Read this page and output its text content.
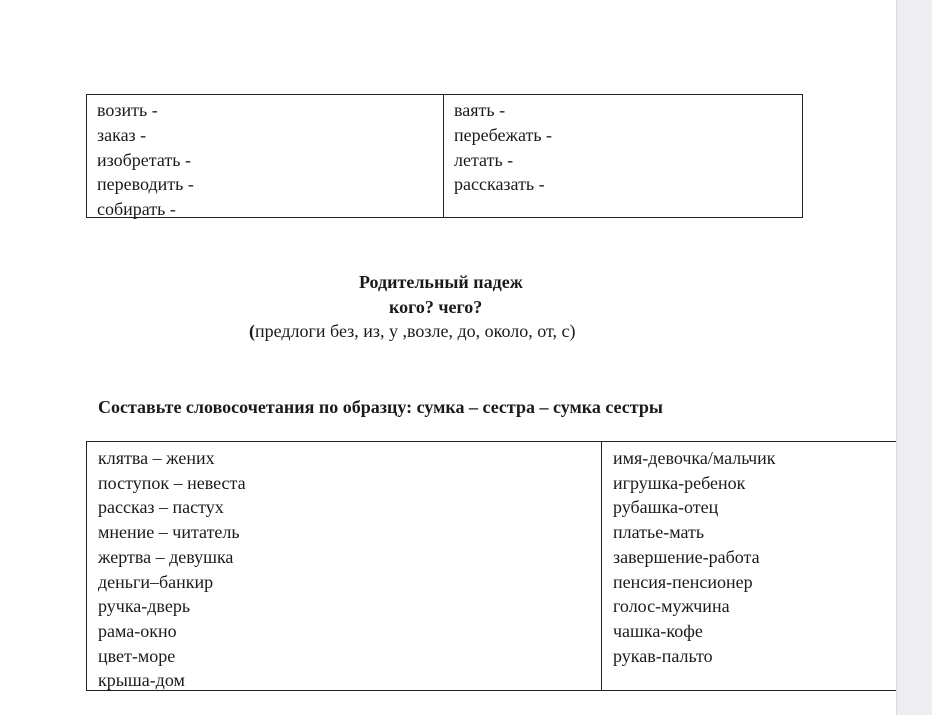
возить -
заказ -
изобретать -
переводить -
собирать -
ваять -
перебежать -
летать -
рассказать -
Родительный падеж
кого? чего?
(предлоги без, из, у ,возле, до, около, от, с)
Составьте словосочетания по образцу: сумка – сестра – сумка сестры
клятва – жених
поступок – невеста
рассказ – пастух
мнение – читатель
жертва – девушка
деньги–банкир
ручка-дверь
рама-окно
цвет-море
крыша-дом
имя-девочка/мальчик
игрушка-ребенок
рубашка-отец
платье-мать
завершение-работа
пенсия-пенсионер
голос-мужчина
чашка-кофе
рукав-пальто
